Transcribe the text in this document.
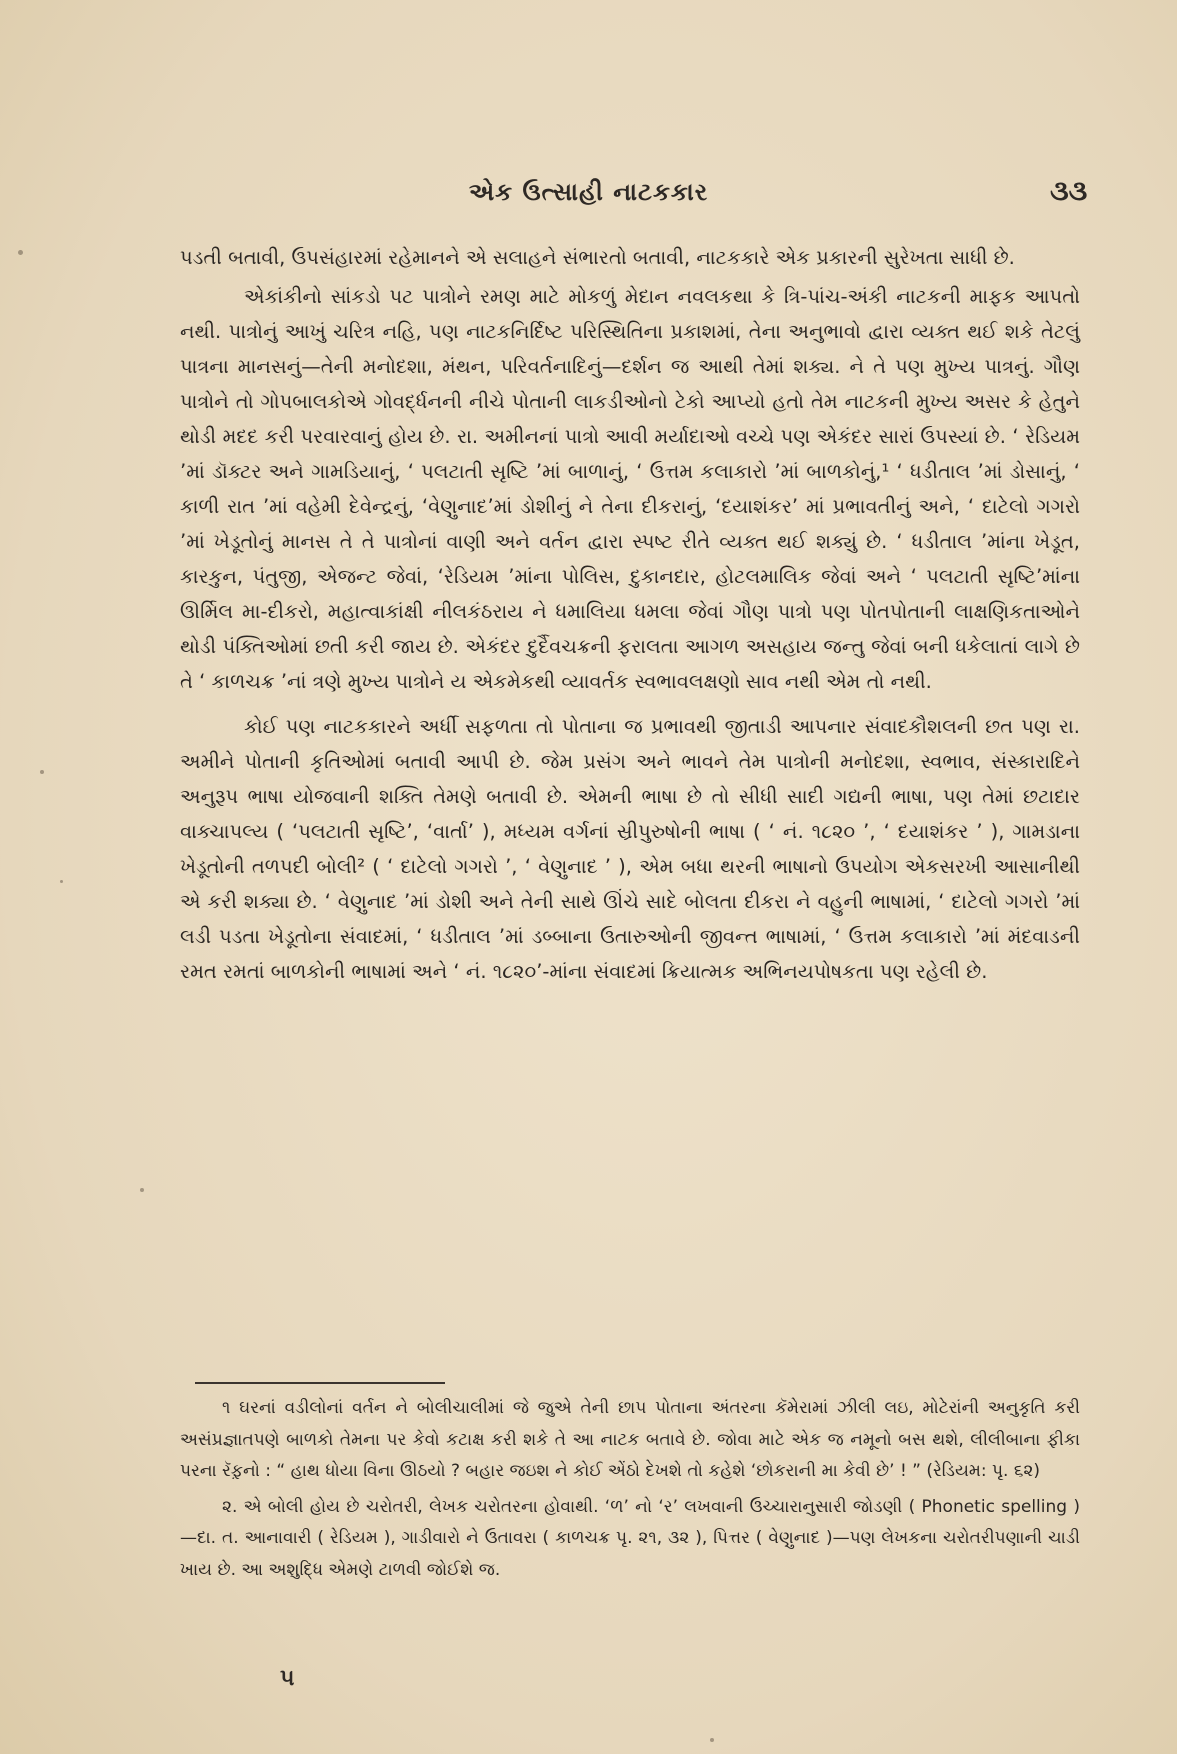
એક ઉત્સાહી નાટકકાર	૩૩

પડતી બતાવી, ઉપસંહારમાં રહેમાનને એ સલાહને સંભારતો બતાવી, નાટકકારે એક પ્રકારની સુરેખતા સાધી છે.

એકાંકીનો સાંકડો પટ પાત્રોને રમણ માટે મોકળું મેદાન નવલકથા કે ત્રિ-પાંચ-અંકી નાટકની માફક આપતો નથી. પાત્રોનું આખું ચરિત્ર નહિ, પણ નાટકનિર્દિષ્ટ પરિસ્થિતિના પ્રકાશમાં, તેના અનુભાવો દ્વારા વ્યક્ત થઈ શકે તેટલું પાત્રના માનસનું—તેની મનોદશા, મંથન, પરિવર્તનાદિનું—દર્શન જ આથી તેમાં શક્ય. ને તે પણ મુખ્ય પાત્રનું. ગૌણ પાત્રોને તો ગોપબાલકોએ ગોવર્દ્ધનની નીચે પોતાની લાકડીઓનો ટેકો આપ્યો હતો તેમ નાટકની મુખ્ય અસર કે હેતુને થોડી મદદ કરી પરવારવાનું હોય છે. રા. અમીનનાં પાત્રો આવી મર્યાદાઓ વચ્ચે પણ એકંદર સારાં ઉપસ્યાં છે. ‘ રેડિયમ ’માં ડૉક્ટર અને ગામડિયાનું, ‘ પલટાતી સૃષ્ટિ ’માં બાળાનું, ‘ ઉત્તમ કલાકારો ’માં બાળકોનું,¹ ‘ ધડીતાલ ’માં ડોસાનું, ‘ કાળી રાત ’માં વહેમી દેવેન્દ્રનું, ‘વેણુનાદ’માં ડોશીનું ને તેના દીકરાનું, ‘દયાશંકર’ માં પ્રભાવતીનું અને, ‘ દાટેલો ગગરો ’માં ખેડૂતોનું માનસ તે તે પાત્રોનાં વાણી અને વર્તન દ્વારા સ્પષ્ટ રીતે વ્યક્ત થઈ શક્યું છે. ‘ ધડીતાલ ’માંના ખેડૂત, કારકુન, પંતુજી, એજન્ટ જેવાં, ‘રેડિયમ ’માંના પોલિસ, દુકાનદાર, હોટલમાલિક જેવાં અને ‘ પલટાતી સૃષ્ટિ’માંના ઊર્મિલ મા-દીકરો, મહાત્વાકાંક્ષી નીલકંઠરાય ને ધમાલિયા ધમલા જેવાં ગૌણ પાત્રો પણ પોતપોતાની લાક્ષણિકતાઓને થોડી પંક્તિઓમાં છતી કરી જાય છે. એકંદર દુર્દૈવચક્રની ફરાલતા આગળ અસહાય જન્તુ જેવાં બની ધકેલાતાં લાગે છે તે ‘ કાળચક્ર ’નાં ત્રણે મુખ્ય પાત્રોને ય એકમેકથી વ્યાવર્તક સ્વભાવલક્ષણો સાવ નથી એમ તો નથી.

કોઈ પણ નાટકકારને અર્ધી સફળતા તો પોતાના જ પ્રભાવથી જીતાડી આપનાર સંવાદકૌશલની છત પણ રા. અમીને પોતાની કૃતિઓમાં બતાવી આપી છે. જેમ પ્રસંગ અને ભાવને તેમ પાત્રોની મનોદશા, સ્વભાવ, સંસ્કારાદિને અનુરૂપ ભાષા યોજવાની શક્તિ તેમણે બતાવી છે. એમની ભાષા છે તો સીધી સાદી ગદ્યની ભાષા, પણ તેમાં છટાદાર વાક્ચાપલ્ય ( ‘પલટાતી સૃષ્ટિ’, ‘વાર્તા’ ), મધ્યમ વર્ગનાં સ્રીપુરુષોની ભાષા ( ‘ નં. ૧૮૨૦ ’, ‘ દયાશંકર ’ ), ગામડાના ખેડૂતોની તળપદી બોલી² ( ‘ દાટેલો ગગરો ’, ‘ વેણુનાદ ’ ), એમ બધા થરની ભાષાનો ઉપયોગ એકસરખી આસાનીથી એ કરી શક્યા છે. ‘ વેણુનાદ ’માં ડોશી અને તેની સાથે ઊંચે સાદે બોલતા દીકરા ને વહુની ભાષામાં, ‘ દાટેલો ગગરો ’માં લડી પડતા ખેડૂતોના સંવાદમાં, ‘ ધડીતાલ ’માં ડબ્બાના ઉતારુઓની જીવન્ત ભાષામાં, ‘ ઉત્તમ કલાકારો ’માં મંદવાડની રમત રમતાં બાળકોની ભાષામાં અને ‘ નં. ૧૮૨૦’-માંના સંવાદમાં ક્રિયાત્મક અભિનયપોષકતા પણ રહેલી છે.

૧ ઘરનાં વડીલોનાં વર્તન ને બોલીચાલીમાં જે જુએ તેની છાપ પોતાના અંતરના કૅમેરામાં ઝીલી લઇ, મોટેરાંની અનુકૃતિ કરી અસંપ્રજ્ઞાતપણે બાળકો તેમના પર કેવો કટાક્ષ કરી શકે તે આ નાટક બતાવે છે. જોવા માટે એક જ નમૂનો બસ થશે, લીલીબાના ફીકા પરના રૅફ઼નો : “ હાથ ધોયા વિના ઊઠયો ? બહાર જઇશ ને કોઈ એંઠો દેખશે તો કહેશે ‘છોકરાની મા કેવી છે’ ! ” (રેડિયમ: પૃ. ૬૨)

૨. એ બોલી હોય છે ચરોતરી, લેખક ચરોતરના હોવાથી. ‘ળ’ નો ‘ર’ લખવાની ઉચ્ચારાનુસારી જોડણી ( Phonetic spelling )—દા. ત. આનાવારી ( રેડિયમ ), ગાડીવારો ને ઉતાવરા ( કાળચક્ર પૃ. ૨૧, ૩૨ ), પિત્તર ( વેણુનાદ )—પણ લેખકના ચરોતરીપણાની ચાડી ખાય છે. આ અશુદ્ધિ એમણે ટાળવી જોઈશે જ.

૫
